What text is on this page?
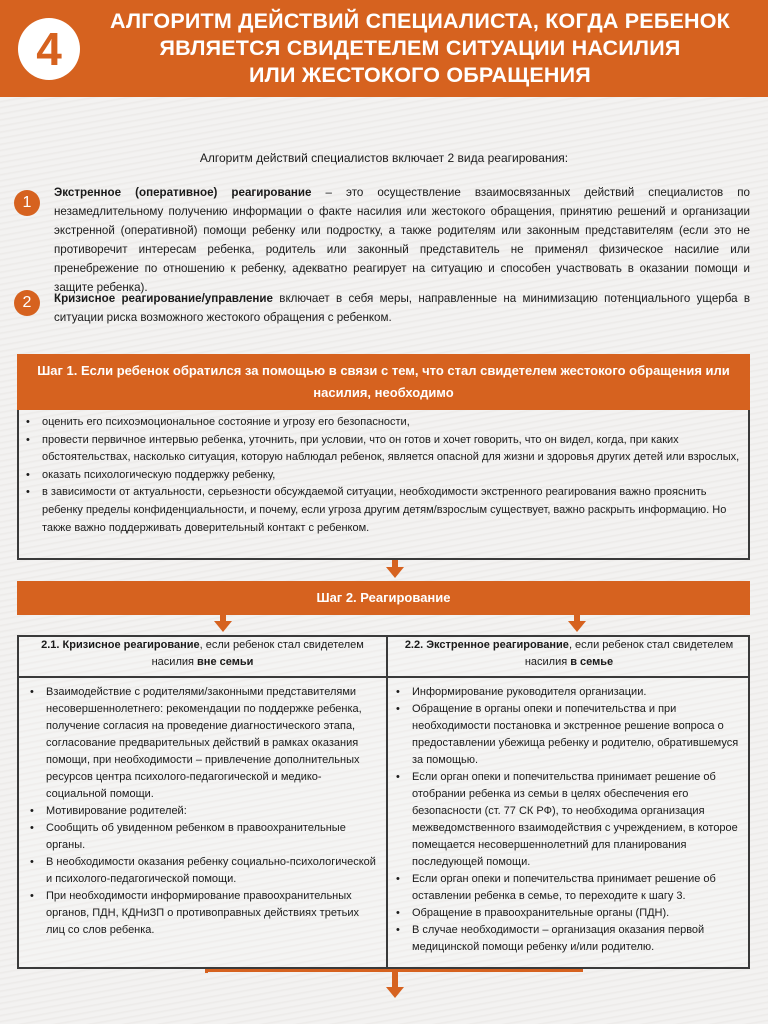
4
АЛГОРИТМ ДЕЙСТВИЙ СПЕЦИАЛИСТА, КОГДА РЕБЕНОК
ЯВЛЯЕТСЯ СВИДЕТЕЛЕМ СИТУАЦИИ НАСИЛИЯ
ИЛИ ЖЕСТОКОГО ОБРАЩЕНИЯ
Алгоритм действий специалистов включает 2 вида реагирования:
1
Экстренное (оперативное) реагирование – это осуществление взаимосвязанных действий специалистов по незамедлительному получению информации о факте насилия или жестокого обращения, принятию решений и организации экстренной (оперативной) помощи ребенку или подростку, а также родителям или законным представителям (если это не противоречит интересам ребенка, родитель или законный представитель не применял физическое насилие или пренебрежение по отношению к ребенку, адекватно реагирует на ситуацию и способен участвовать в оказании помощи и защите ребенка).
2	Кризисное реагирование/управление включает в себя меры, направленные на минимизацию потенциального ущерба в ситуации риска возможного жестокого обращения с ребенком.
Шаг 1. Если ребенок обратился за помощью в связи с тем, что стал свидетелем жестокого обращения или
насилия, необходимо
• оценить его психоэмоциональное состояние и угрозу его безопасности,
• провести первичное интервью ребенка, уточнить, при условии, что он готов и хочет говорить, что он видел, когда, при каких обстоятельствах, насколько ситуация, которую наблюдал ребенок, является опасной для жизни и здоровья других детей или взрослых,
• оказать психологическую поддержку ребенку,
• в зависимости от актуальности, серьезности обсуждаемой ситуации, необходимости экстренного реагирования важно прояснить ребенку пределы конфиденциальности, и почему, если угроза другим детям/взрослым существует, важно раскрыть информацию. Но также важно поддерживать доверительный контакт с ребенком.
Шаг 2. Реагирование
2.1. Кризисное реагирование, если ребенок стал свидетелем насилия вне семьи
• Взаимодействие с родителями/законными представителями несовершеннолетнего: рекомендации по поддержке ребенка, получение согласия на проведение диагностического этапа, согласование предварительных действий в рамках оказания помощи, при необходимости – привлечение дополнительных ресурсов центра психолого-педагогической и медико-социальной помощи.
• Мотивирование родителей:
• Сообщить об увиденном ребенком в правоохранительные органы.
• В необходимости оказания ребенку социально-психологической и психолого-педагогической помощи.
• При необходимости информирование правоохранительных органов, ПДН, КДНиЗП о противоправных действиях третьих лиц со слов ребенка.
2.2. Экстренное реагирование, если ребенок стал свидетелем насилия в семье
• Информирование руководителя организации.
• Обращение в органы опеки и попечительства и при необходимости постановка и экстренное решение вопроса о предоставлении убежища ребенку и родителю, обратившемуся за помощью.
• Если орган опеки и попечительства принимает решение об отобрании ребенка из семьи в целях обеспечения его безопасности (ст. 77 СК РФ), то необходима организация межведомственного взаимодействия с учреждением, в которое помещается несовершеннолетний для планирования последующей помощи.
• Если орган опеки и попечительства принимает решение об оставлении ребенка в семье, то переходите к шагу 3.
• Обращение в правоохранительные органы (ПДН).
• В случае необходимости – организация оказания первой медицинской помощи ребенку и/или родителю.
